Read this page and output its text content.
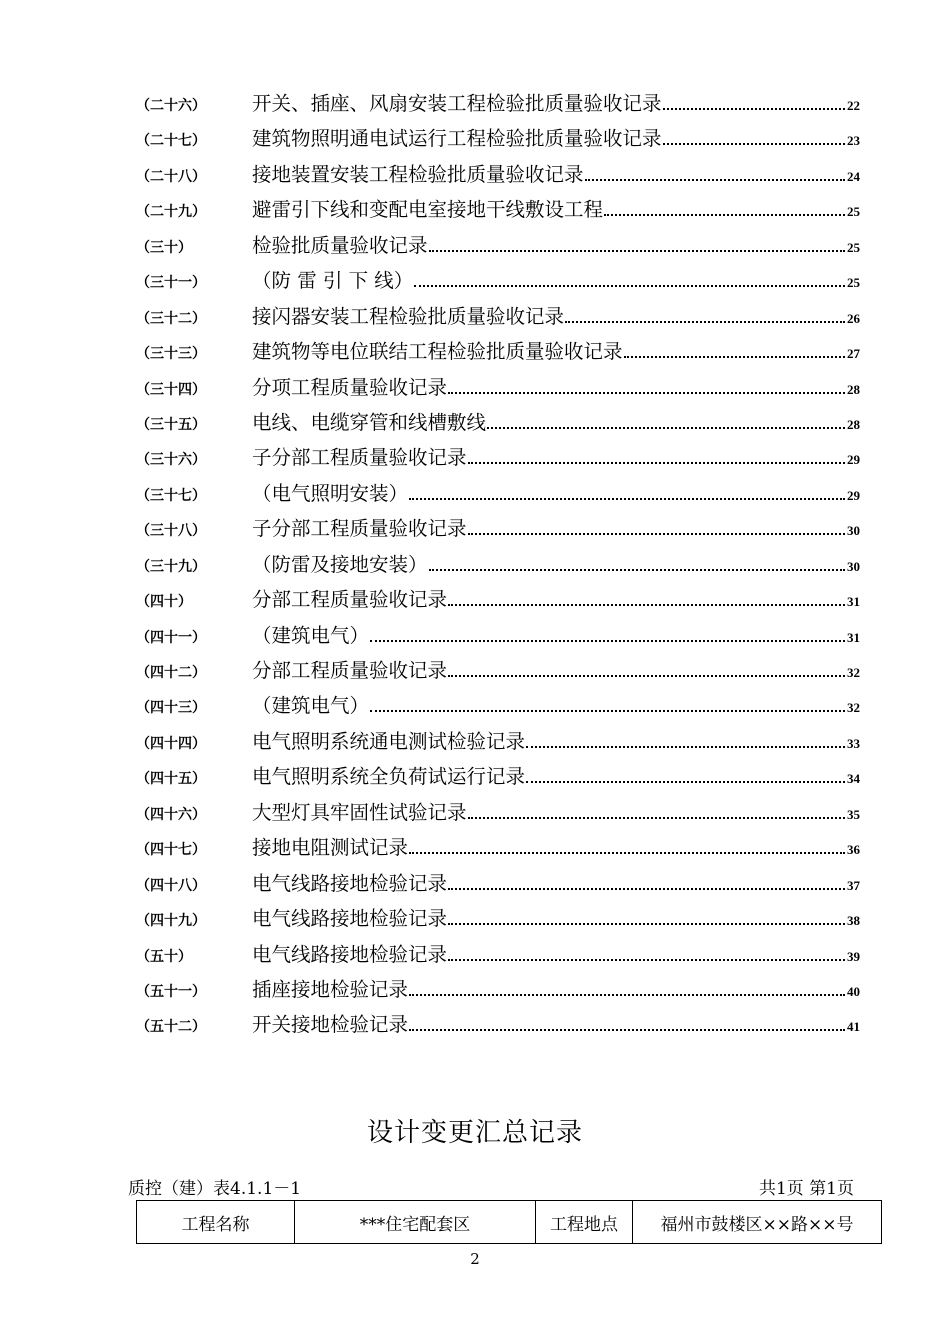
（二十六）	开关、插座、风扇安装工程检验批质量验收记录	22
（二十七）	建筑物照明通电试运行工程检验批质量验收记录	23
（二十八）	接地装置安装工程检验批质量验收记录	24
（二十九）	避雷引下线和变配电室接地干线敷设工程	25
（三十）	检验批质量验收记录	25
（三十一）	（防 雷 引 下 线）	25
（三十二）	接闪器安装工程检验批质量验收记录	26
（三十三）	建筑物等电位联结工程检验批质量验收记录	27
（三十四）	分项工程质量验收记录	28
（三十五）	电线、电缆穿管和线槽敷线	28
（三十六）	子分部工程质量验收记录	29
（三十七）	（电气照明安装）	29
（三十八）	子分部工程质量验收记录	30
（三十九）	（防雷及接地安装）	30
（四十）	分部工程质量验收记录	31
（四十一）	（建筑电气）	31
（四十二）	分部工程质量验收记录	32
（四十三）	（建筑电气）	32
（四十四）	电气照明系统通电测试检验记录	33
（四十五）	电气照明系统全负荷试运行记录	34
（四十六）	大型灯具牢固性试验记录	35
（四十七）	接地电阻测试记录	36
（四十八）	电气线路接地检验记录	37
（四十九）	电气线路接地检验记录	38
（五十）	电气线路接地检验记录	39
（五十一）	插座接地检验记录	40
（五十二）	开关接地检验记录	41
设计变更汇总记录
质控（建）表4.1.1－1	共1页 第1页
工程名称	***住宅配套区	工程地点	福州市鼓楼区××路××号
2
